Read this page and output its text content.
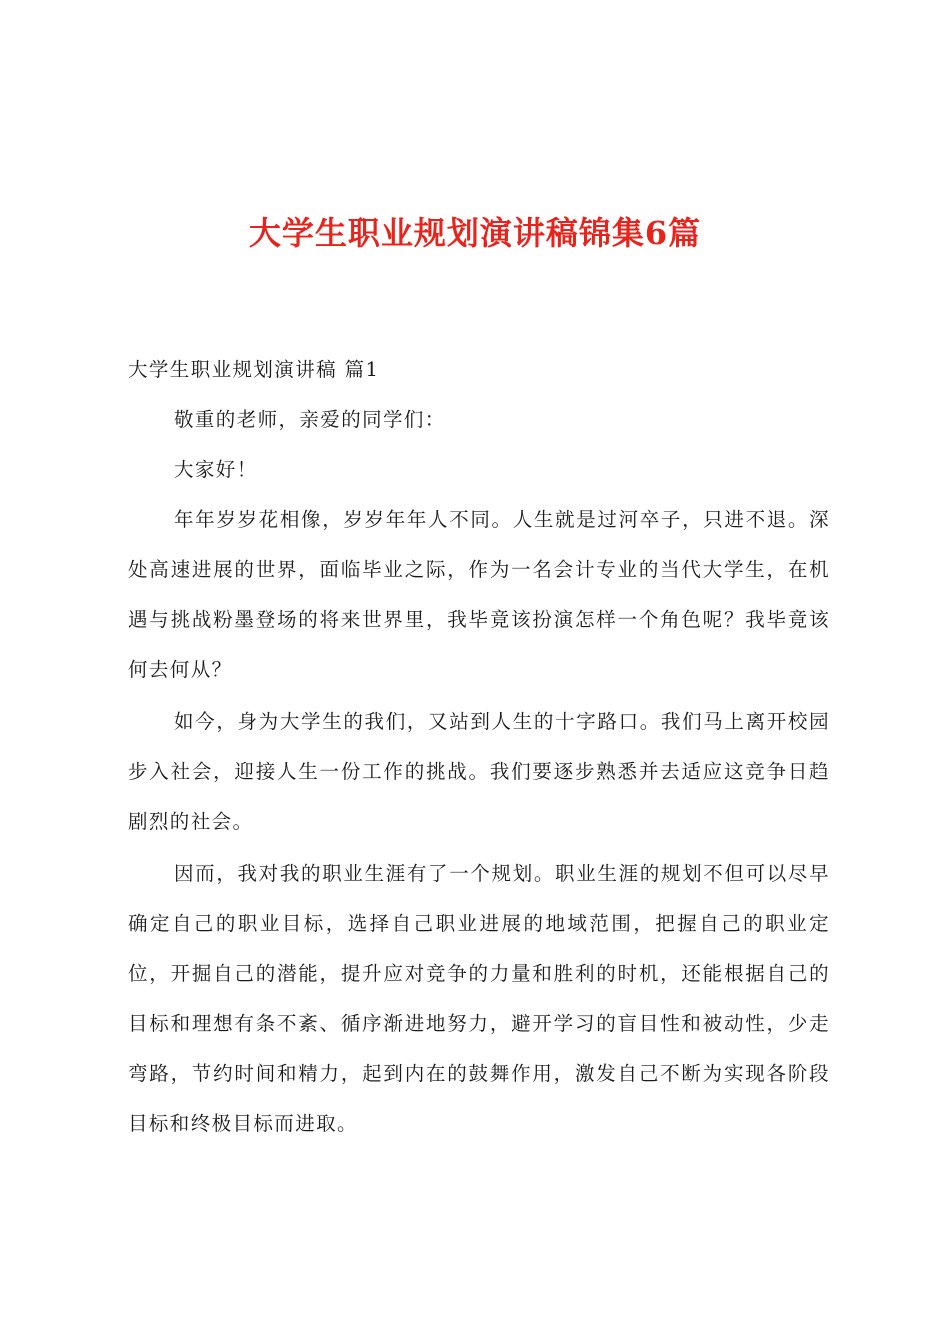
大学生职业规划演讲稿锦集6篇

大学生职业规划演讲稿 篇1

敬重的老师，亲爱的同学们：

大家好！

年年岁岁花相像，岁岁年年人不同。人生就是过河卒子，只进不退。深处高速进展的世界，面临毕业之际，作为一名会计专业的当代大学生，在机遇与挑战粉墨登场的将来世界里，我毕竟该扮演怎样一个角色呢？我毕竟该何去何从？

如今，身为大学生的我们，又站到人生的十字路口。我们马上离开校园步入社会，迎接人生一份工作的挑战。我们要逐步熟悉并去适应这竞争日趋剧烈的社会。

因而，我对我的职业生涯有了一个规划。职业生涯的规划不但可以尽早确定自己的职业目标，选择自己职业进展的地域范围，把握自己的职业定位，开掘自己的潜能，提升应对竞争的力量和胜利的时机，还能根据自己的目标和理想有条不紊、循序渐进地努力，避开学习的盲目性和被动性，少走弯路，节约时间和精力，起到内在的鼓舞作用，激发自己不断为实现各阶段目标和终极目标而进取。
